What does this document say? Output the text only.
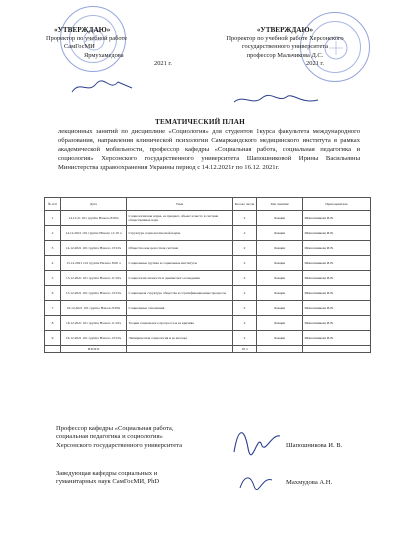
«УТВЕРЖДАЮ»
Проректор по учебной работе
СамГосМИ
Ярмухамедова
2021 г.
«УТВЕРЖДАЮ»
Проректор по учебной работе Херсонского
государственного университета
профессор Мальчикова Д.С.
2021 г.
ТЕМАТИЧЕСКИЙ ПЛАН
лекционных занятий по дисциплине «Социология» для студентов 1курса факультета международного образования, направления клинической психологии Самаркандского медицинского института в рамках академической мобильности, профессор кафедры «Социальная работа, социальная педагогика и социология» Херсонского государственного университета Шапошниковой Ирины Васильевны Министерства здравоохранения Украины период с 14.12.2021г по 16.12. 2021г.
№ п/п	Дата	Тема	Кол-во часов	Тип занятия	Преподаватель
1	14.12.21 101 группа Начало 8:00ч	Социология как наука, ее предмет, объект и место в системе общественных наук	2	Лекция	Шапошникова И.В.
2	14.12.2021 101 группа Начало 11:10 ч	Структура социологической науки.	2	Лекция	Шапошникова И.В.
3	14.12.2021 101 группа Начало 13:10ч	Общество как целостная система	2	Лекция	Шапошникова И.В.
4	15.12.2021 101 группа Начало 8:00 ч	Социальные группы и социальные институты	2	Лекция	Шапошникова И.В.
5	15.12.2021 101 группа Начало 11:10ч	Социология личности и девиантного поведения	2	Лекция	Шапошникова И.В.
6	15.12.2021 101 группа Начало 13:10ч	Социальная структура общества и стратификационные процессы	2	Лекция	Шапошникова И.В.
7	16.12.2021 101 группа Начало 8:00ч	Социальные отношения	2	Лекция	Шапошникова И.В.
8	16.12.2021 101 группа Начало 11:10ч	Теория социального прогресса и ее критика	2	Лекция	Шапошникова И.В.
9	16.12.2021 101 группа Начало 13:10ч	Эмпирическая социология и ее методы	2	Лекция	Шапошникова И.В.
	ИТОГО		18 ч		
Профессор кафедры «Социальная работа,
социальная педагогика и социология»
Херсонского государственного университета	Шапошникова И. В.
Заведующая кафедры социальных и
гуманитарных наук СамГосМИ, PhD	Махмудова А.Н.
